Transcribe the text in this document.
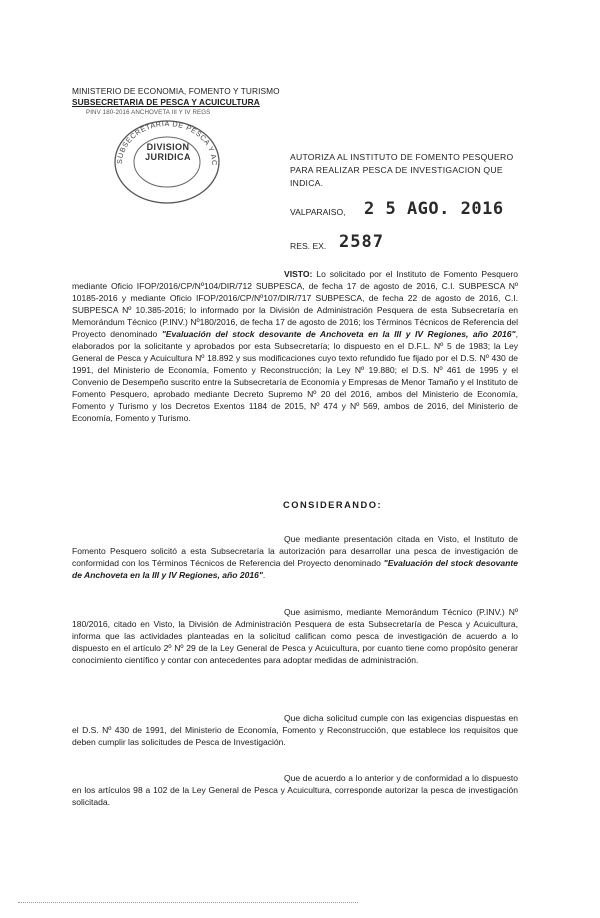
MINISTERIO DE ECONOMIA, FOMENTO Y TURISMO
SUBSECRETARIA DE PESCA Y ACUICULTURA
PINV 180-2016 ANCHOVETA III Y IV REGS
SUBSECRETARIA DE PESCA Y AC
DIVISION
JURIDICA	AUTORIZA AL INSTITUTO DE FOMENTO PESQUERO PARA REALIZAR PESCA DE INVESTIGACION QUE INDICA.
VALPARAISO, 2 5 AGO. 2016
RES. EX. 2587
VISTO: Lo solicitado por el Instituto de Fomento Pesquero mediante Oficio IFOP/2016/CP/Nº104/DIR/712 SUBPESCA, de fecha 17 de agosto de 2016, C.I. SUBPESCA Nº 10185-2016 y mediante Oficio IFOP/2016/CP/Nº107/DIR/717 SUBPESCA, de fecha 22 de agosto de 2016, C.I. SUBPESCA Nº 10.385-2016; lo informado por la División de Administración Pesquera de esta Subsecretaría en Memorándum Técnico (P.INV.) Nº180/2016, de fecha 17 de agosto de 2016; los Términos Técnicos de Referencia del Proyecto denominado "Evaluación del stock desovante de Anchoveta en la III y IV Regiones, año 2016", elaborados por la solicitante y aprobados por esta Subsecretaría; lo dispuesto en el D.F.L. Nº 5 de 1983; la Ley General de Pesca y Acuicultura Nº 18.892 y sus modificaciones cuyo texto refundido fue fijado por el D.S. Nº 430 de 1991, del Ministerio de Economía, Fomento y Reconstrucción; la Ley Nº 19.880; el D.S. Nº 461 de 1995 y el Convenio de Desempeño suscrito entre la Subsecretaría de Economía y Empresas de Menor Tamaño y el Instituto de Fomento Pesquero, aprobado mediante Decreto Supremo Nº 20 del 2016, ambos del Ministerio de Economía, Fomento y Turismo y los Decretos Exentos 1184 de 2015, Nº 474 y Nº 569, ambos de 2016, del Ministerio de Economía, Fomento y Turismo.
CONSIDERANDO:
Que mediante presentación citada en Visto, el Instituto de Fomento Pesquero solicitó a esta Subsecretaría la autorización para desarrollar una pesca de investigación de conformidad con los Términos Técnicos de Referencia del Proyecto denominado "Evaluación del stock desovante de Anchoveta en la III y IV Regiones, año 2016".
Que asimismo, mediante Memorándum Técnico (P.INV.) Nº 180/2016, citado en Visto, la División de Administración Pesquera de esta Subsecretaría de Pesca y Acuicultura, informa que las actividades planteadas en la solicitud califican como pesca de investigación de acuerdo a lo dispuesto en el artículo 2º Nº 29 de la Ley General de Pesca y Acuicultura, por cuanto tiene como propósito generar conocimiento científico y contar con antecedentes para adoptar medidas de administración.
Que dicha solicitud cumple con las exigencias dispuestas en el D.S. Nº 430 de 1991, del Ministerio de Economía, Fomento y Reconstrucción, que establece los requisitos que deben cumplir las solicitudes de Pesca de Investigación.
Que de acuerdo a lo anterior y de conformidad a lo dispuesto en los artículos 98 a 102 de la Ley General de Pesca y Acuicultura, corresponde autorizar la pesca de investigación solicitada.
